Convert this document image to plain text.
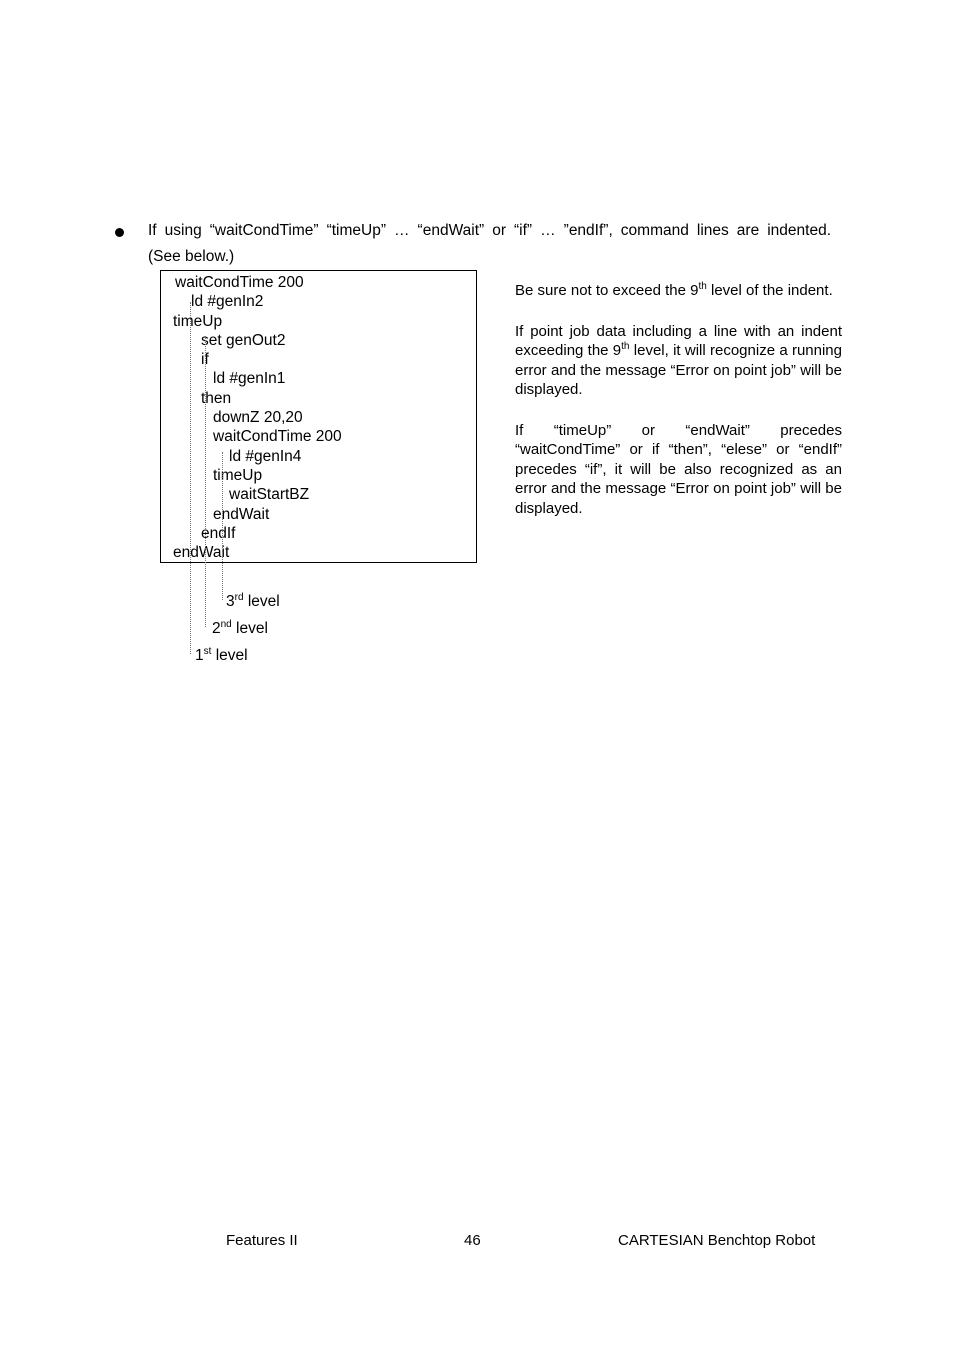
If using “waitCondTime” “timeUp” … “endWait” or “if” … ”endIf”, command lines are indented.
(See below.)
waitCondTime 200
ld #genIn2
timeUp
set genOut2
if
ld #genIn1
then
downZ 20,20
waitCondTime 200
ld #genIn4
timeUp
waitStartBZ
endWait
endIf
endWait
3rd level
2nd level
1st level

Be sure not to exceed the 9th level of the indent.

If point job data including a line with an indent exceeding the 9th level, it will recognize a running error and the message “Error on point job” will be displayed.

If “timeUp” or “endWait” precedes “waitCondTime” or if “then”, “elese” or “endIf” precedes “if”, it will be also recognized as an error and the message “Error on point job” will be displayed.

Features II	46	CARTESIAN Benchtop Robot
